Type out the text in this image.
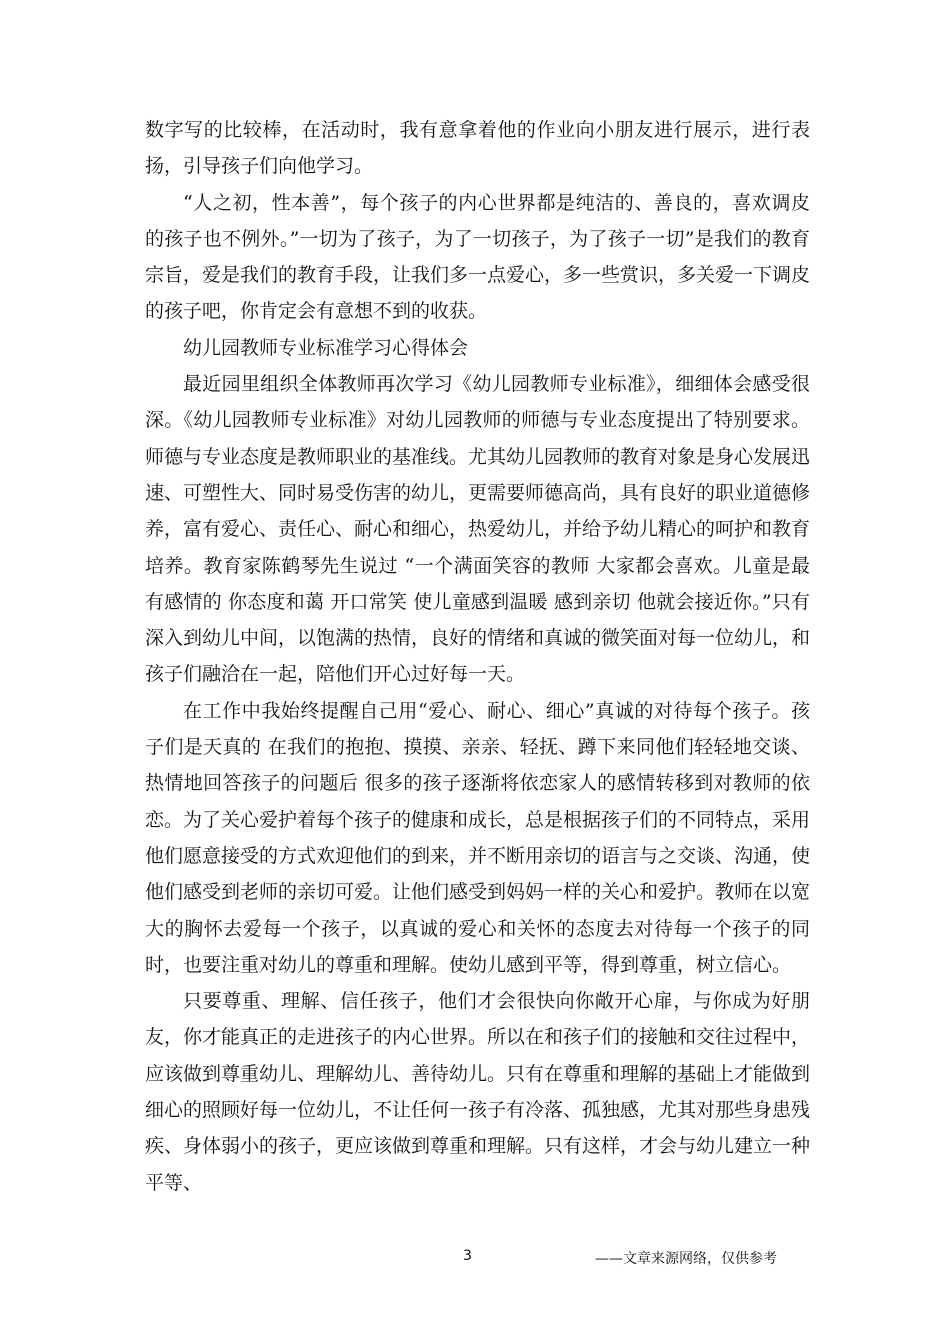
数字写的比较棒，在活动时，我有意拿着他的作业向小朋友进行展示，进行表扬，引导孩子们向他学习。

“人之初，性本善”，每个孩子的内心世界都是纯洁的、善良的，喜欢调皮的孩子也不例外。”一切为了孩子，为了一切孩子，为了孩子一切”是我们的教育宗旨，爱是我们的教育手段，让我们多一点爱心，多一些赏识，多关爱一下调皮的孩子吧，你肯定会有意想不到的收获。

幼儿园教师专业标准学习心得体会

最近园里组织全体教师再次学习《幼儿园教师专业标准》，细细体会感受很深。《幼儿园教师专业标准》对幼儿园教师的师德与专业态度提出了特别要求。师德与专业态度是教师职业的基准线。尤其幼儿园教师的教育对象是身心发展迅速、可塑性大、同时易受伤害的幼儿，更需要师德高尚，具有良好的职业道德修养，富有爱心、责任心、耐心和细心，热爱幼儿，并给予幼儿精心的呵护和教育培养。教育家陈鹤琴先生说过 “一个满面笑容的教师 大家都会喜欢。儿童是最有感情的 你态度和蔼 开口常笑 使儿童感到温暖 感到亲切 他就会接近你。”只有深入到幼儿中间，以饱满的热情，良好的情绪和真诚的微笑面对每一位幼儿，和孩子们融洽在一起，陪他们开心过好每一天。

在工作中我始终提醒自己用“爱心、耐心、细心”真诚的对待每个孩子。孩子们是天真的 在我们的抱抱、摸摸、亲亲、轻抚、蹲下来同他们轻轻地交谈、热情地回答孩子的问题后 很多的孩子逐渐将依恋家人的感情转移到对教师的依恋。为了关心爱护着每个孩子的健康和成长，总是根据孩子们的不同特点，采用他们愿意接受的方式欢迎他们的到来，并不断用亲切的语言与之交谈、沟通，使他们感受到老师的亲切可爱。让他们感受到妈妈一样的关心和爱护。教师在以宽大的胸怀去爱每一个孩子，以真诚的爱心和关怀的态度去对待每一个孩子的同时，也要注重对幼儿的尊重和理解。使幼儿感到平等，得到尊重，树立信心。

只要尊重、理解、信任孩子，他们才会很快向你敞开心扉，与你成为好朋友，你才能真正的走进孩子的内心世界。所以在和孩子们的接触和交往过程中，应该做到尊重幼儿、理解幼儿、善待幼儿。只有在尊重和理解的基础上才能做到细心的照顾好每一位幼儿，不让任何一孩子有冷落、孤独感，尤其对那些身患残疾、身体弱小的孩子，更应该做到尊重和理解。只有这样，才会与幼儿建立一种平等、

3	——文章来源网络，仅供参考
